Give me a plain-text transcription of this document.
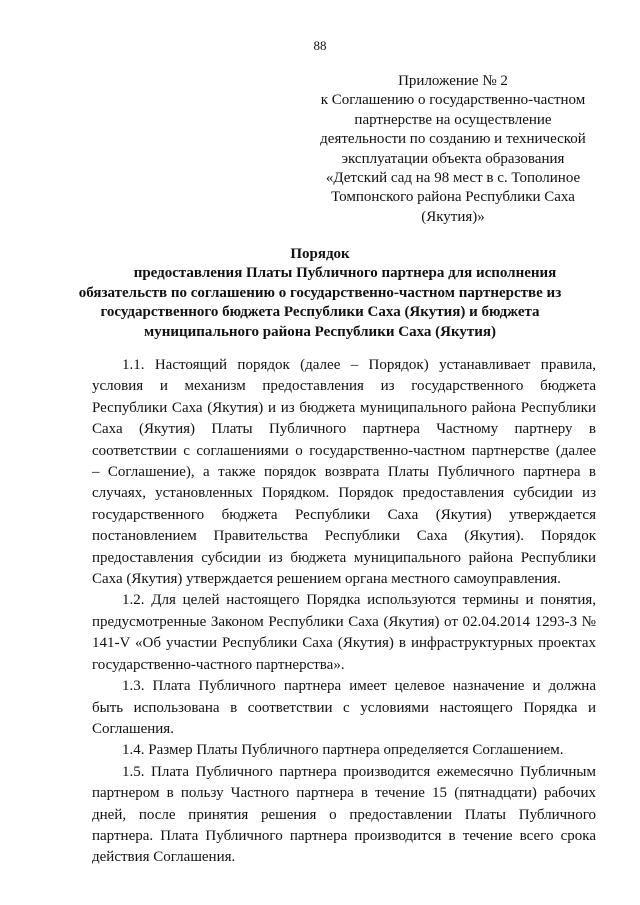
88
Приложение № 2
к Соглашению о государственно-частном
партнерстве на осуществление
деятельности по созданию и технической
эксплуатации объекта образования
«Детский сад на 98 мест в с. Тополиное
Томпонского района Республики Саха
(Якутия)»
Порядок
предоставления Платы Публичного партнера для исполнения
обязательств по соглашению о государственно-частном партнерстве из
государственного бюджета Республики Саха (Якутия) и бюджета
муниципального района Республики Саха (Якутия)

1.1. Настоящий порядок (далее – Порядок) устанавливает правила,
условия и механизм предоставления из государственного бюджета
Республики Саха (Якутия) и из бюджета муниципального района Республики
Саха (Якутия) Платы Публичного партнера Частному партнеру в
соответствии с соглашениями о государственно-частном партнерстве (далее
– Соглашение), а также порядок возврата Платы Публичного партнера в
случаях, установленных Порядком. Порядок предоставления субсидии из
государственного бюджета Республики Саха (Якутия) утверждается
постановлением Правительства Республики Саха (Якутия). Порядок
предоставления субсидии из бюджета муниципального района Республики
Саха (Якутия) утверждается решением органа местного самоуправления.

1.2. Для целей настоящего Порядка используются термины и понятия,
предусмотренные Законом Республики Саха (Якутия) от 02.04.2014 1293-З №
141-V «Об участии Республики Саха (Якутия) в инфраструктурных проектах
государственно-частного партнерства».

1.3. Плата Публичного партнера имеет целевое назначение и должна
быть использована в соответствии с условиями настоящего Порядка и
Соглашения.

1.4. Размер Платы Публичного партнера определяется Соглашением.

1.5. Плата Публичного партнера производится ежемесячно Публичным
партнером в пользу Частного партнера в течение 15 (пятнадцати) рабочих
дней, после принятия решения о предоставлении Платы Публичного
партнера. Плата Публичного партнера производится в течение всего срока
действия Соглашения.
